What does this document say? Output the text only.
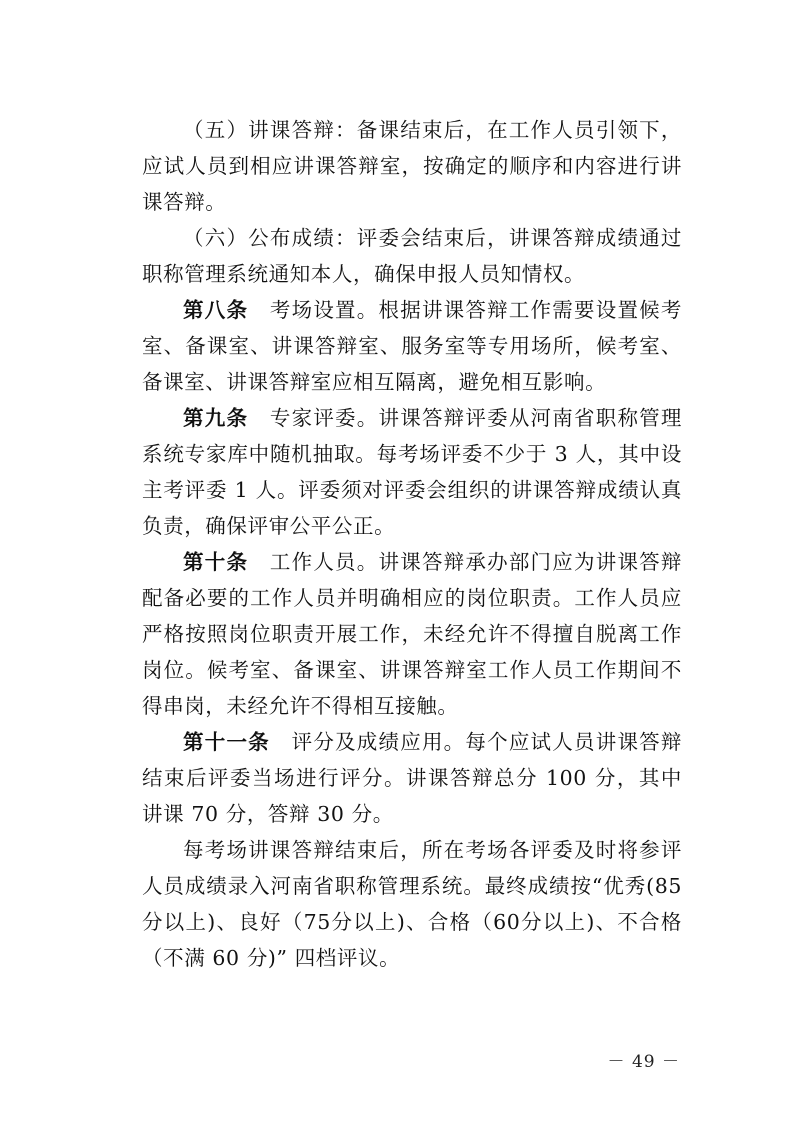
（五）讲课答辩：备课结束后，在工作人员引领下，应试人员到相应讲课答辩室，按确定的顺序和内容进行讲课答辩。

（六）公布成绩：评委会结束后，讲课答辩成绩通过职称管理系统通知本人，确保申报人员知情权。

第八条　考场设置。根据讲课答辩工作需要设置候考室、备课室、讲课答辩室、服务室等专用场所，候考室、备课室、讲课答辩室应相互隔离，避免相互影响。

第九条　专家评委。讲课答辩评委从河南省职称管理系统专家库中随机抽取。每考场评委不少于 3 人，其中设主考评委 1 人。评委须对评委会组织的讲课答辩成绩认真负责，确保评审公平公正。

第十条　工作人员。讲课答辩承办部门应为讲课答辩配备必要的工作人员并明确相应的岗位职责。工作人员应严格按照岗位职责开展工作，未经允许不得擅自脱离工作岗位。候考室、备课室、讲课答辩室工作人员工作期间不得串岗，未经允许不得相互接触。

第十一条　评分及成绩应用。每个应试人员讲课答辩结束后评委当场进行评分。讲课答辩总分 100 分，其中讲课 70 分，答辩 30 分。

每考场讲课答辩结束后，所在考场各评委及时将参评人员成绩录入河南省职称管理系统。最终成绩按“优秀(85分以上)、良好（75分以上)、合格（60分以上)、不合格（不满 60 分)” 四档评议。

－ 49 －
